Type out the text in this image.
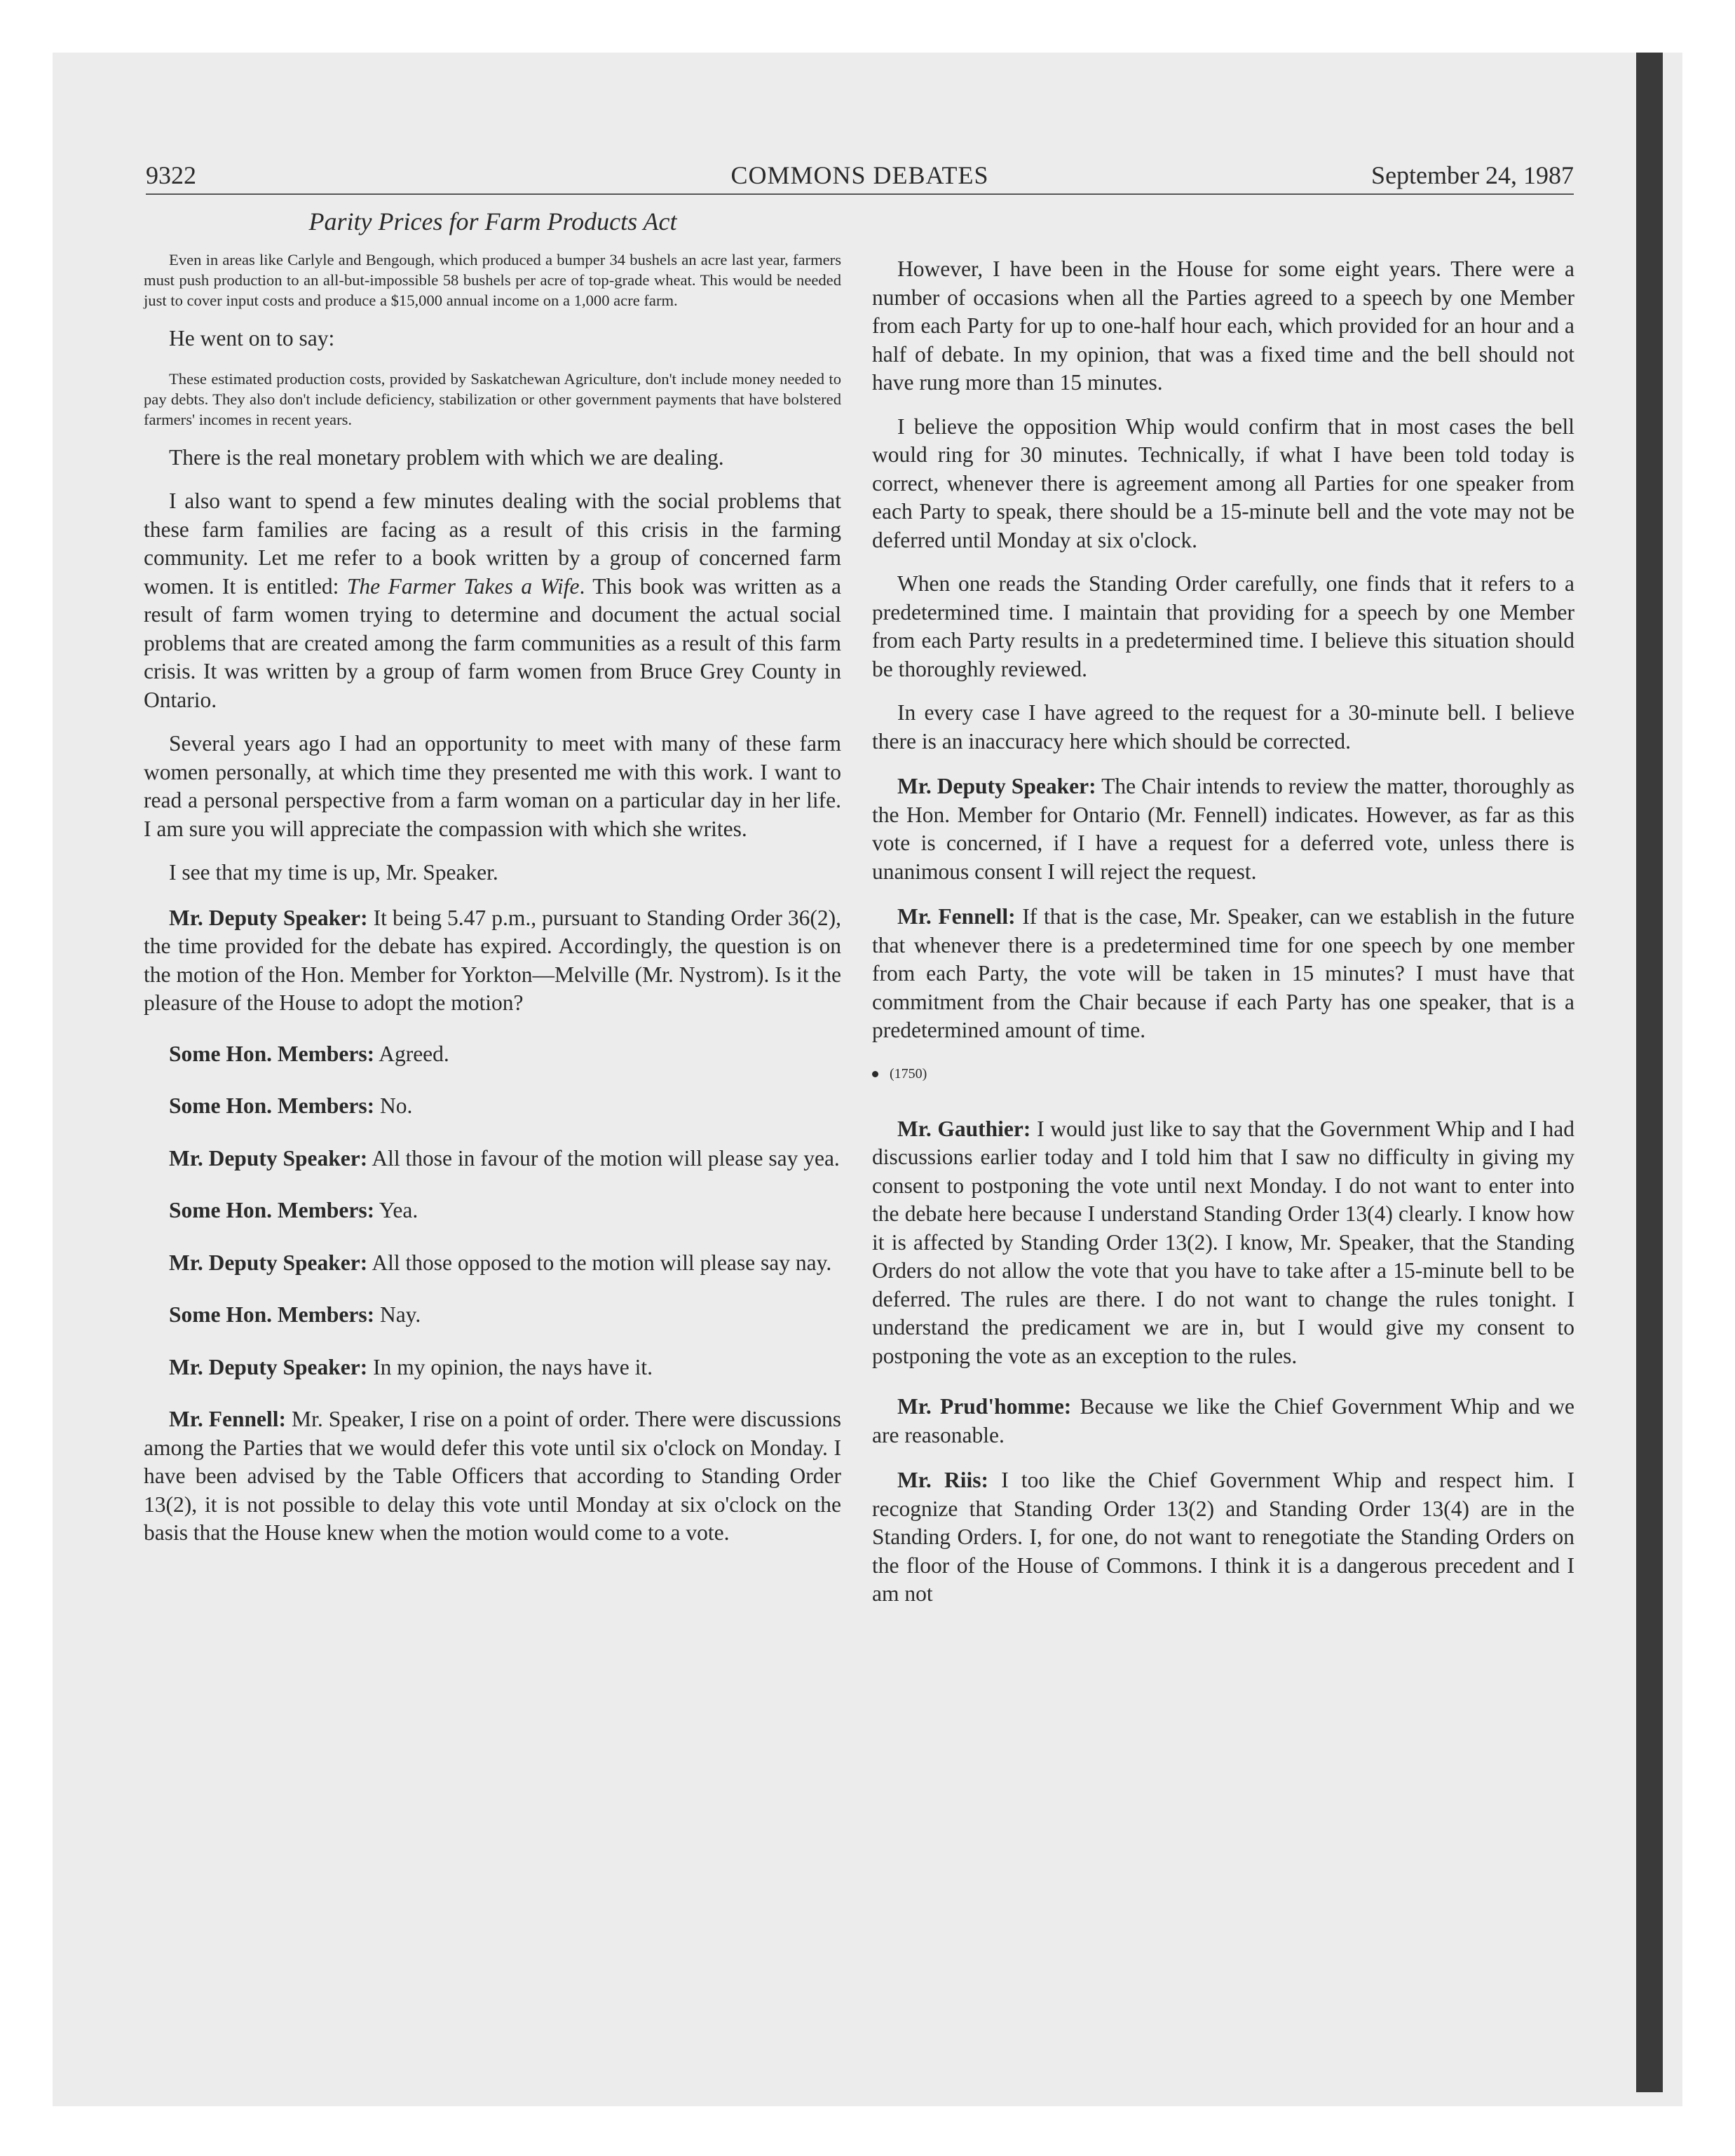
9322	COMMONS DEBATES	September 24, 1987
Parity Prices for Farm Products Act

Even in areas like Carlyle and Bengough, which produced a bumper 34 bushels an acre last year, farmers must push production to an all-but-impossible 58 bushels per acre of top-grade wheat. This would be needed just to cover input costs and produce a $15,000 annual income on a 1,000 acre farm.

He went on to say:

These estimated production costs, provided by Saskatchewan Agriculture, don't include money needed to pay debts. They also don't include deficiency, stabilization or other government payments that have bolstered farmers' incomes in recent years.

There is the real monetary problem with which we are dealing.

I also want to spend a few minutes dealing with the social problems that these farm families are facing as a result of this crisis in the farming community. Let me refer to a book written by a group of concerned farm women. It is entitled: The Farmer Takes a Wife. This book was written as a result of farm women trying to determine and document the actual social problems that are created among the farm communities as a result of this farm crisis. It was written by a group of farm women from Bruce Grey County in Ontario.

Several years ago I had an opportunity to meet with many of these farm women personally, at which time they presented me with this work. I want to read a personal perspective from a farm woman on a particular day in her life. I am sure you will appreciate the compassion with which she writes.

I see that my time is up, Mr. Speaker.

Mr. Deputy Speaker: It being 5.47 p.m., pursuant to Standing Order 36(2), the time provided for the debate has expired. Accordingly, the question is on the motion of the Hon. Member for Yorkton—Melville (Mr. Nystrom). Is it the pleasure of the House to adopt the motion?

Some Hon. Members: Agreed.

Some Hon. Members: No.

Mr. Deputy Speaker: All those in favour of the motion will please say yea.

Some Hon. Members: Yea.

Mr. Deputy Speaker: All those opposed to the motion will please say nay.

Some Hon. Members: Nay.

Mr. Deputy Speaker: In my opinion, the nays have it.

Mr. Fennell: Mr. Speaker, I rise on a point of order. There were discussions among the Parties that we would defer this vote until six o'clock on Monday. I have been advised by the Table Officers that according to Standing Order 13(2), it is not possible to delay this vote until Monday at six o'clock on the basis that the House knew when the motion would come to a vote.

However, I have been in the House for some eight years. There were a number of occasions when all the Parties agreed to a speech by one Member from each Party for up to one-half hour each, which provided for an hour and a half of debate. In my opinion, that was a fixed time and the bell should not have rung more than 15 minutes.

I believe the opposition Whip would confirm that in most cases the bell would ring for 30 minutes. Technically, if what I have been told today is correct, whenever there is agreement among all Parties for one speaker from each Party to speak, there should be a 15-minute bell and the vote may not be deferred until Monday at six o'clock.

When one reads the Standing Order carefully, one finds that it refers to a predetermined time. I maintain that providing for a speech by one Member from each Party results in a predetermined time. I believe this situation should be thoroughly reviewed.

In every case I have agreed to the request for a 30-minute bell. I believe there is an inaccuracy here which should be corrected.

Mr. Deputy Speaker: The Chair intends to review the matter, thoroughly as the Hon. Member for Ontario (Mr. Fennell) indicates. However, as far as this vote is concerned, if I have a request for a deferred vote, unless there is unanimous consent I will reject the request.

Mr. Fennell: If that is the case, Mr. Speaker, can we establish in the future that whenever there is a predetermined time for one speech by one member from each Party, the vote will be taken in 15 minutes? I must have that commitment from the Chair because if each Party has one speaker, that is a predetermined amount of time.

(1750)

Mr. Gauthier: I would just like to say that the Government Whip and I had discussions earlier today and I told him that I saw no difficulty in giving my consent to postponing the vote until next Monday. I do not want to enter into the debate here because I understand Standing Order 13(4) clearly. I know how it is affected by Standing Order 13(2). I know, Mr. Speaker, that the Standing Orders do not allow the vote that you have to take after a 15-minute bell to be deferred. The rules are there. I do not want to change the rules tonight. I understand the predicament we are in, but I would give my consent to postponing the vote as an exception to the rules.

Mr. Prud'homme: Because we like the Chief Government Whip and we are reasonable.

Mr. Riis: I too like the Chief Government Whip and respect him. I recognize that Standing Order 13(2) and Standing Order 13(4) are in the Standing Orders. I, for one, do not want to renegotiate the Standing Orders on the floor of the House of Commons. I think it is a dangerous precedent and I am not
